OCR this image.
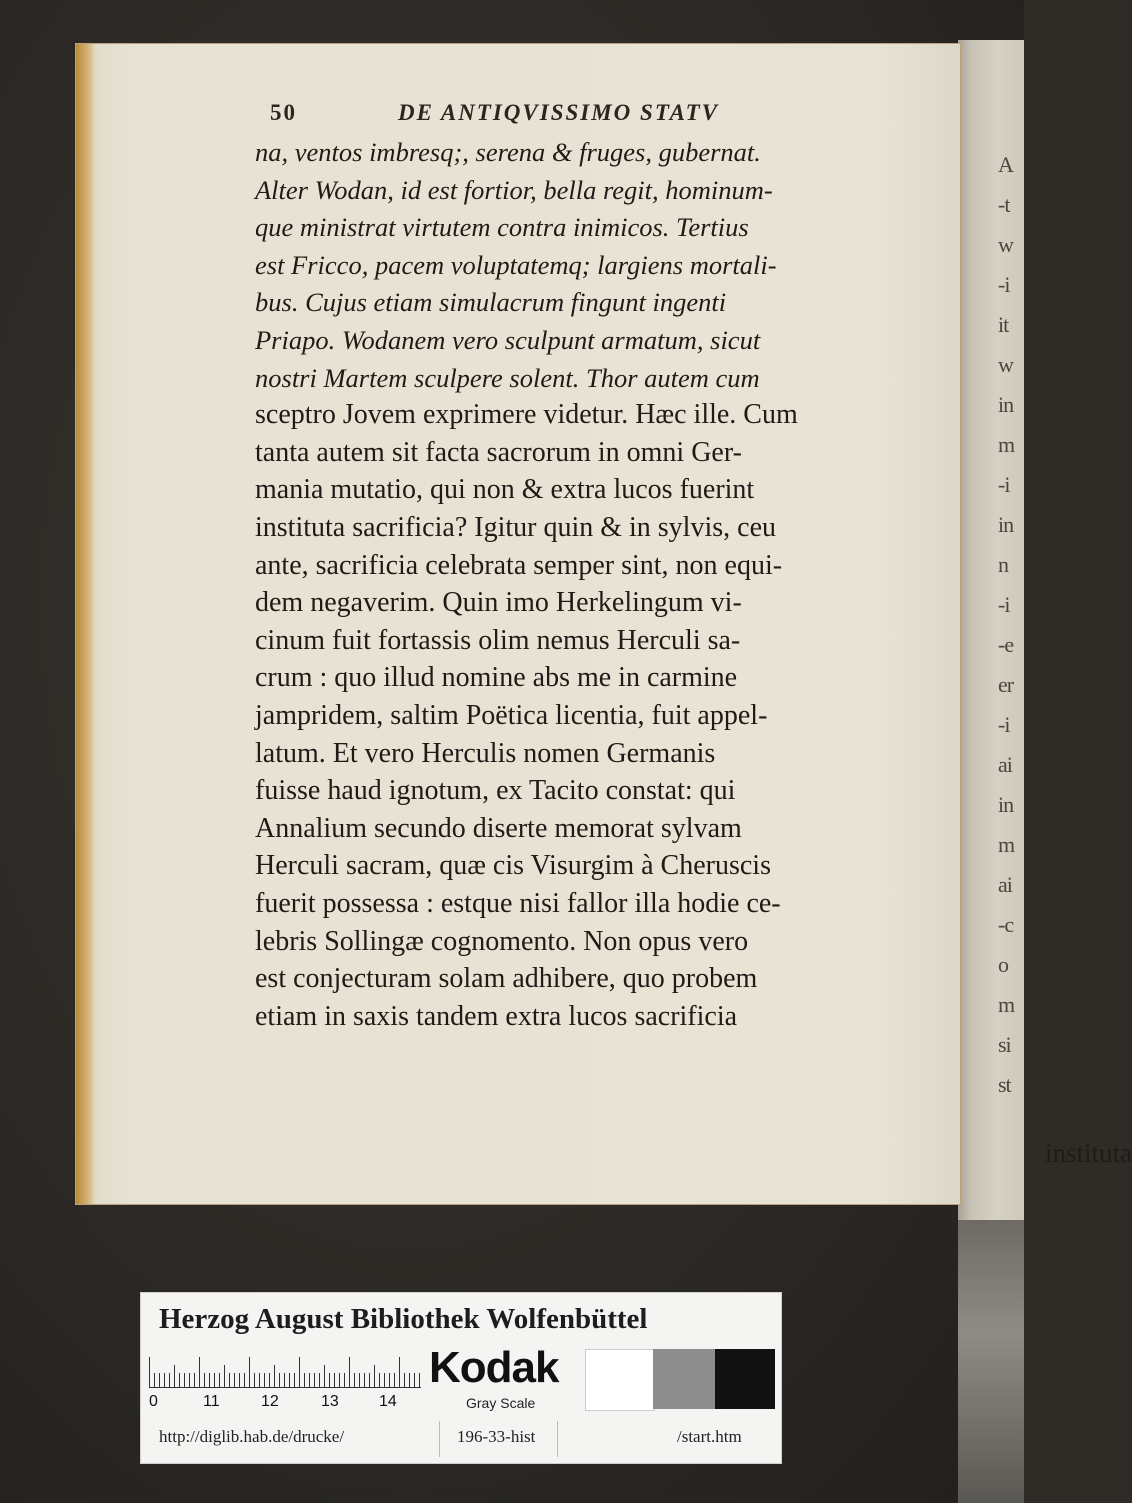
A
-t
w
-i
it
w
in
m
-i
in
n
-i
-e
er
-i
ai
in
m
ai
-c
o
m
si
st
50	DE ANTIQVISSIMO STATV
instituta
na, ventos imbresq;, serena & fruges, gubernat.
Alter Wodan, id est fortior, bella regit, hominum-
que ministrat virtutem contra inimicos. Tertius
est Fricco, pacem voluptatemq; largiens mortali-
bus. Cujus etiam simulacrum fingunt ingenti
Priapo. Wodanem vero sculpunt armatum, sicut
nostri Martem sculpere solent. Thor autem cum
sceptro Jovem exprimere videtur. Hæc ille. Cum
tanta autem sit facta sacrorum in omni Ger-
mania mutatio, qui non & extra lucos fuerint
instituta sacrificia? Igitur quin & in sylvis, ceu
ante, sacrificia celebrata semper sint, non equi-
dem negaverim. Quin imo Herkelingum vi-
cinum fuit fortassis olim nemus Herculi sa-
crum : quo illud nomine abs me in carmine
jampridem, saltim Poëtica licentia, fuit appel-
latum. Et vero Herculis nomen Germanis
fuisse haud ignotum, ex Tacito constat: qui
Annalium secundo diserte memorat sylvam
Herculi sacram, quæ cis Visurgim à Cheruscis
fuerit possessa : estque nisi fallor illa hodie ce-
lebris Sollingæ cognomento. Non opus vero
est conjecturam solam adhibere, quo probem
etiam in saxis tandem extra lucos sacrificia
Herzog August Bibliothek Wolfenbüttel
0	11	12	13	14
Kodak
Gray Scale
http://diglib.hab.de/drucke/	196-33-hist	/start.htm
